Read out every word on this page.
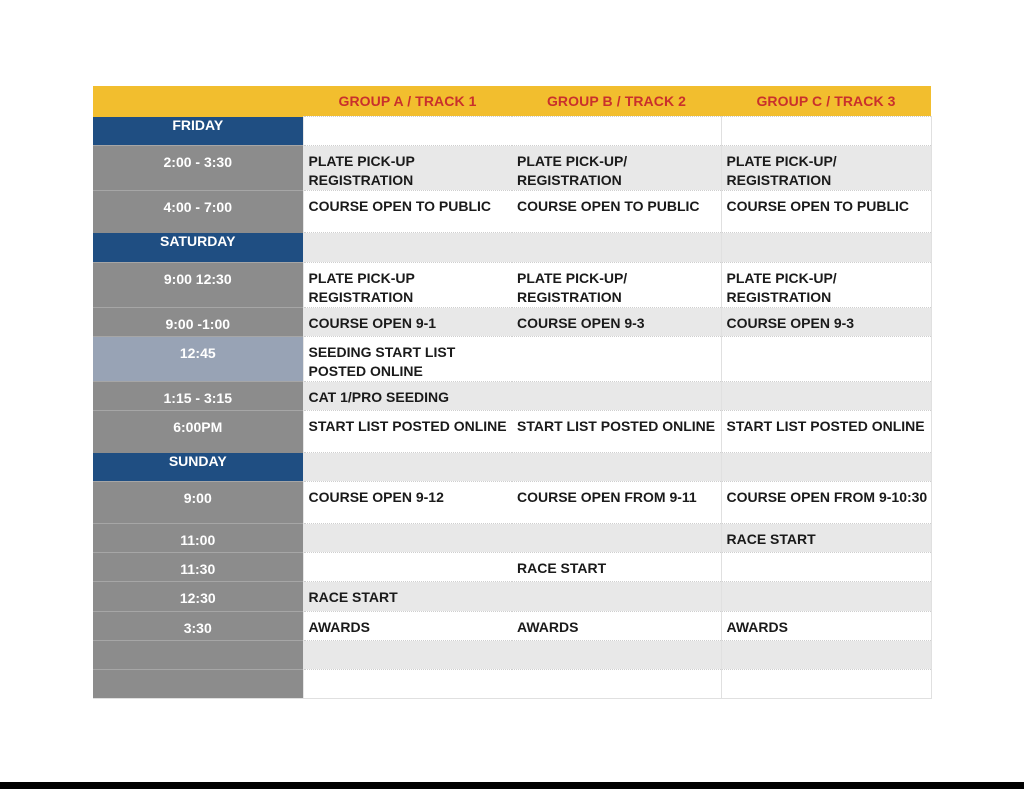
	GROUP A / TRACK 1	GROUP B / TRACK 2	GROUP C / TRACK 3
FRIDAY			
2:00 - 3:30	PLATE PICK-UP REGISTRATION	PLATE PICK-UP/ REGISTRATION	PLATE PICK-UP/ REGISTRATION
4:00 - 7:00	COURSE OPEN TO PUBLIC	COURSE OPEN TO PUBLIC	COURSE OPEN TO PUBLIC
SATURDAY			
9:00 12:30	PLATE PICK-UP REGISTRATION	PLATE PICK-UP/ REGISTRATION	PLATE PICK-UP/ REGISTRATION
9:00 -1:00	COURSE OPEN 9-1	COURSE OPEN 9-3	COURSE OPEN 9-3
12:45	SEEDING START LIST POSTED ONLINE		
1:15 - 3:15	CAT 1/PRO SEEDING		
6:00PM	START LIST POSTED ONLINE	START LIST POSTED ONLINE	START LIST POSTED ONLINE
SUNDAY			
9:00	COURSE OPEN 9-12	COURSE OPEN FROM 9-11	COURSE OPEN FROM 9-10:30
11:00			RACE START
11:30		RACE START	
12:30	RACE START		
3:30	AWARDS	AWARDS	AWARDS
